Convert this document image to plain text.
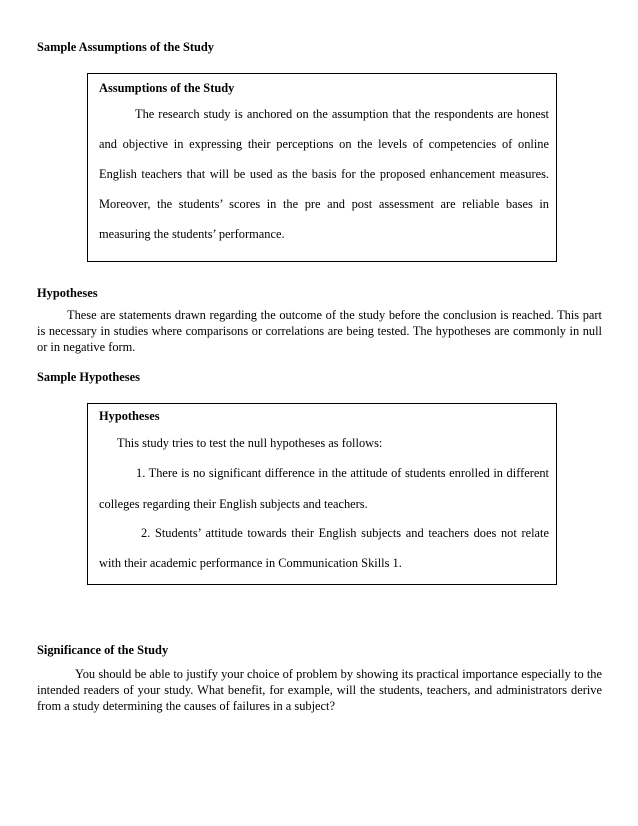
Sample Assumptions of the Study
Assumptions of the Study
The research study is anchored on the assumption that the respondents are honest
and objective in expressing their perceptions on the levels of competencies of online
English teachers that will be used as the basis for the proposed enhancement measures.
Moreover, the students’ scores in the pre and post assessment are reliable bases in
measuring the students’ performance.
Hypotheses
These are statements drawn regarding the outcome of the study before the conclusion is reached. This part is necessary in studies where comparisons or correlations are being tested. The hypotheses are commonly in null or in negative form.
Sample Hypotheses
Hypotheses
This study tries to test the null hypotheses as follows:
1. There is no significant difference in the attitude of students enrolled in different
colleges regarding their English subjects and teachers.
2. Students’ attitude towards their English subjects and teachers does not relate
with their academic performance in Communication Skills 1.
Significance of the Study
You should be able to justify your choice of problem by showing its practical importance especially to the intended readers of your study. What benefit, for example, will the students, teachers, and administrators derive from a study determining the causes of failures in a subject?
